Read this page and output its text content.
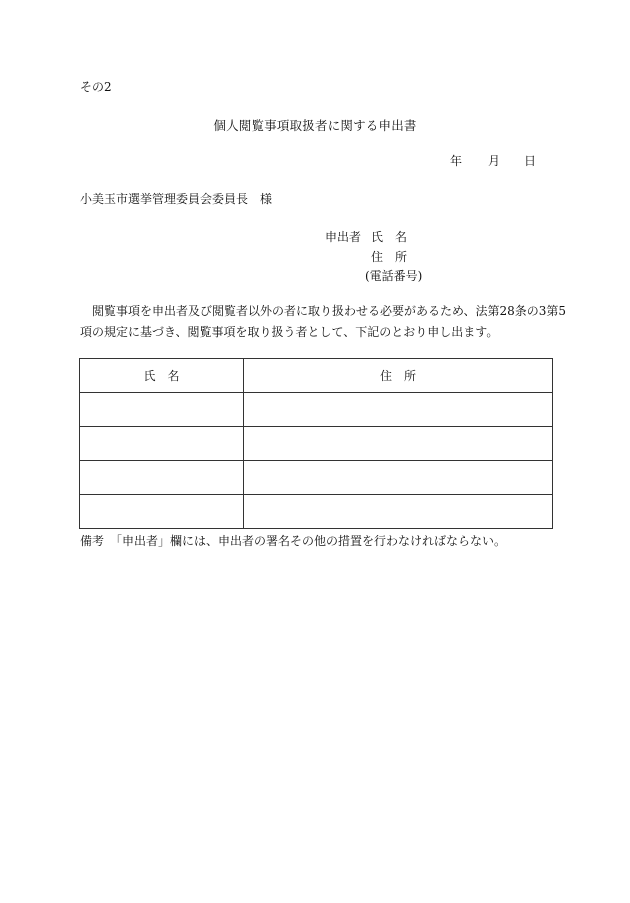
その2
個人閲覧事項取扱者に関する申出書
年 月 日
小美玉市選挙管理委員会委員長　様
申出者 氏　名
住　所
(電話番号)
　閲覧事項を申出者及び閲覧者以外の者に取り扱わせる必要があるため、法第28条の3第5
項の規定に基づき、閲覧事項を取り扱う者として、下記のとおり申し出ます。
氏　名	住　所

備考　「申出者」欄には、申出者の署名その他の措置を行わなければならない。
